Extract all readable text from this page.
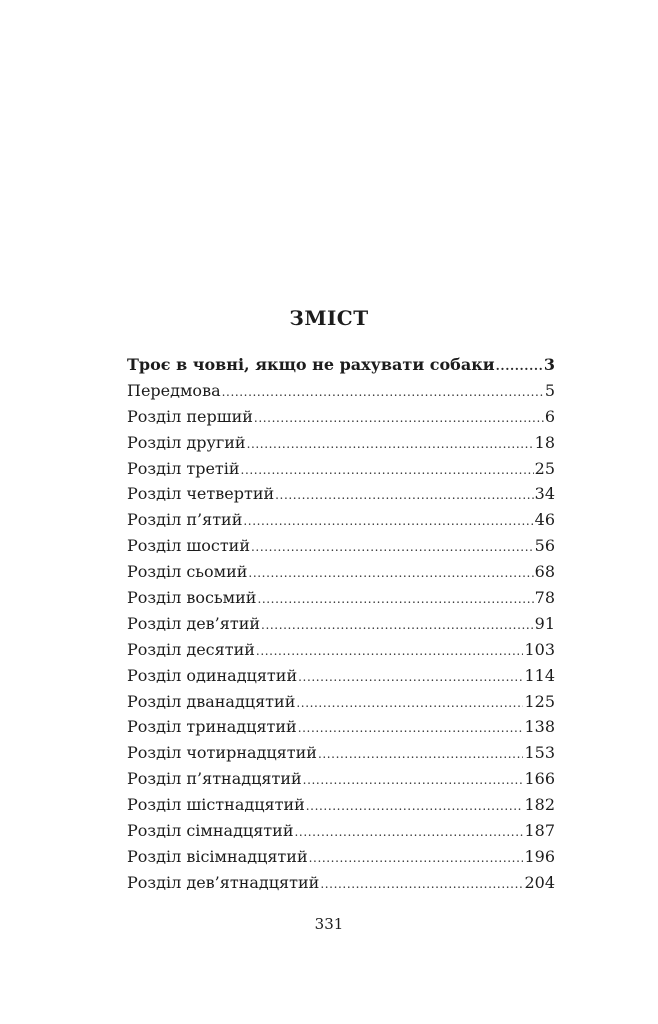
ЗМІСТ
Троє в човні, якщо не рахувати собаки .....	3
Передмова .....	5
Розділ перший .....	6
Розділ другий .....	18
Розділ третій .....	25
Розділ четвертий .....	34
Розділ п’ятий .....	46
Розділ шостий .....	56
Розділ сьомий .....	68
Розділ восьмий .....	78
Розділ дев’ятий .....	91
Розділ десятий .....	103
Розділ одинадцятий .....	114
Розділ дванадцятий .....	125
Розділ тринадцятий .....	138
Розділ чотирнадцятий .....	153
Розділ п’ятнадцятий .....	166
Розділ шістнадцятий .....	182
Розділ сімнадцятий .....	187
Розділ вісімнадцятий .....	196
Розділ дев’ятнадцятий .....	204
331
